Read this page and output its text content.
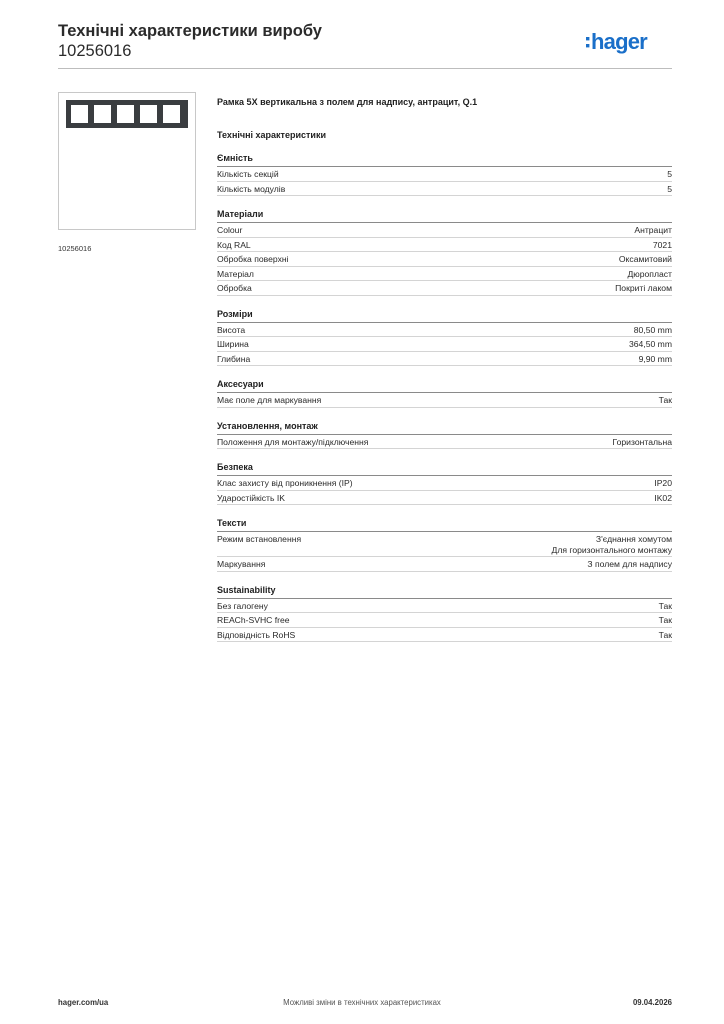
Технічні характеристики виробу
10256016	hager
10256016
Рамка 5X вертикальна з полем для надпису, антрацит, Q.1
Технічні характеристики
Ємність
Кількість секцій	5
Кількість модулів	5
Матеріали
Colour	Антрацит
Код RAL	7021
Обробка поверхні	Оксамитовий
Матеріал	Дюропласт
Обробка	Покриті лаком
Розміри
Висота	80,50 mm
Ширина	364,50 mm
Глибина	9,90 mm
Аксесуари
Має поле для маркування	Так
Установлення, монтаж
Положення для монтажу/підключення	Горизонтальна
Безпека
Клас захисту від проникнення (IP)	IP20
Ударостійкість IK	IK02
Тексти
Режим встановлення	З'єднання хомутом
Для горизонтального монтажу
Маркування	З полем для надпису
Sustainability
Без галогену	Так
REACh-SVHC free	Так
Відповідність RoHS	Так
hager.com/ua	Можливі зміни в технічних характеристиках	09.04.2026
